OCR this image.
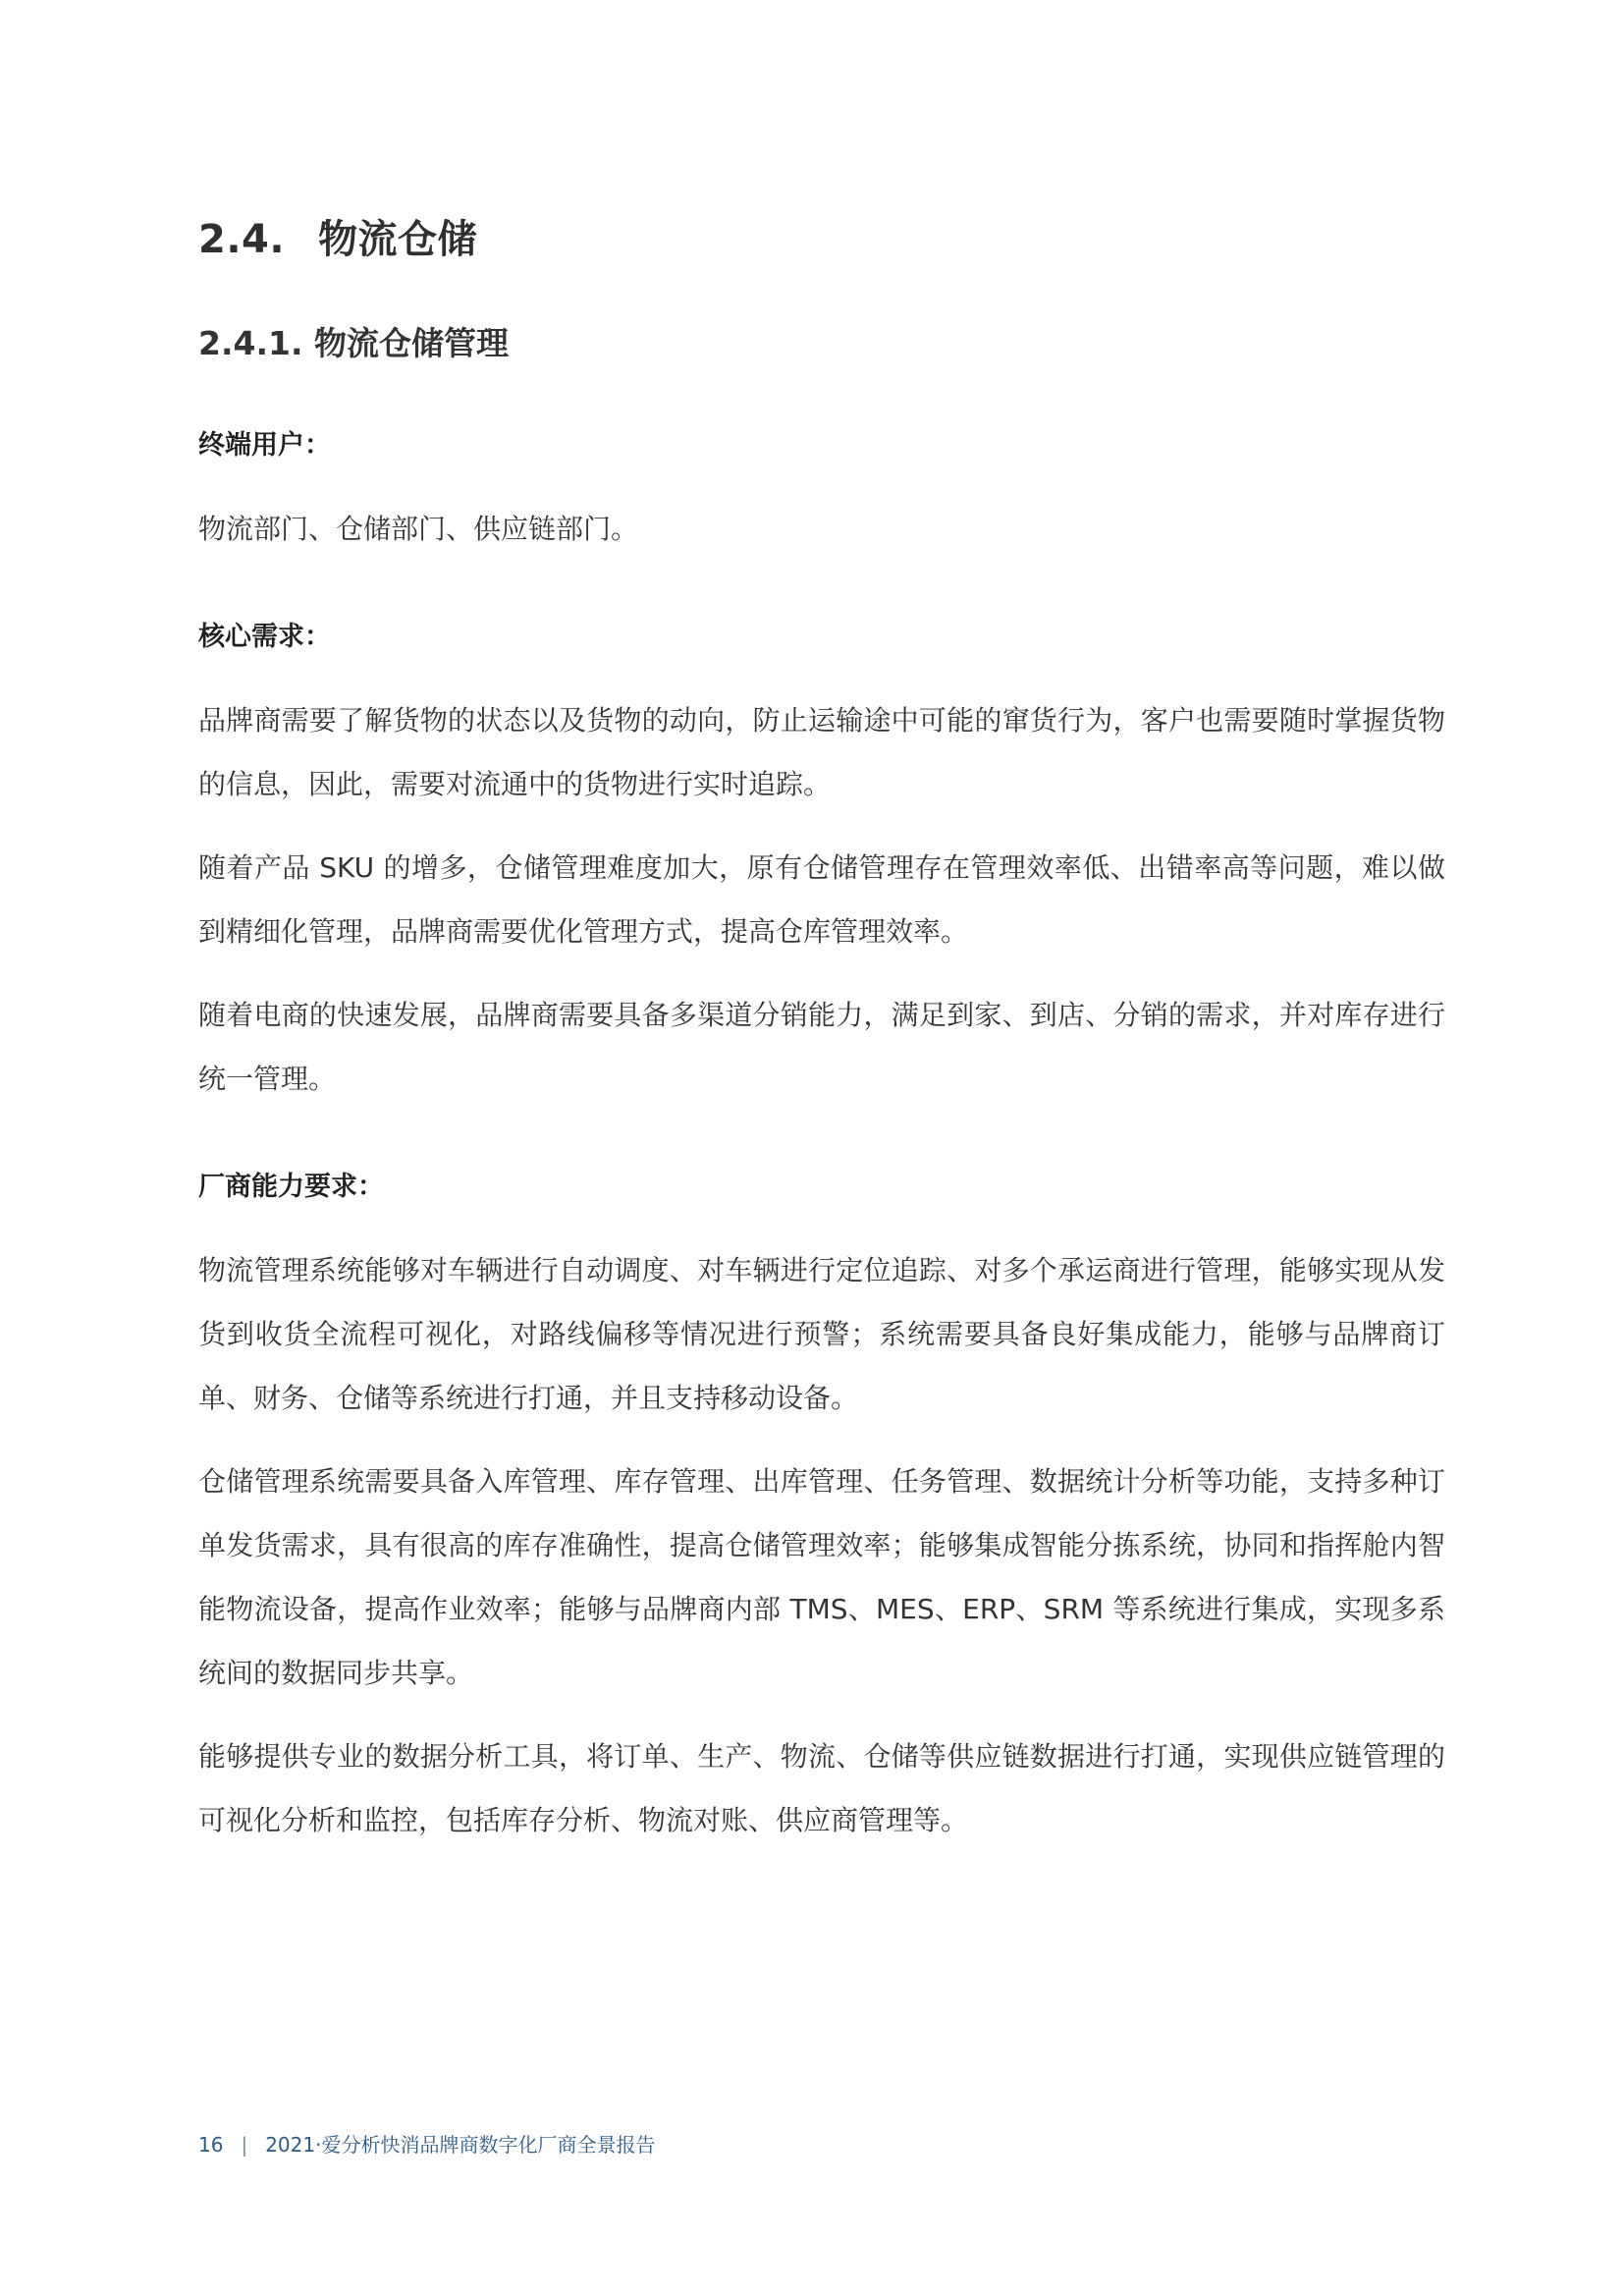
2.4. 物流仓储
2.4.1. 物流仓储管理
终端用户：

物流部门、仓储部门、供应链部门。

核心需求：

品牌商需要了解货物的状态以及货物的动向，防止运输途中可能的窜货行为，客户也需要随时掌握货物的信息，因此，需要对流通中的货物进行实时追踪。

随着产品 SKU 的增多，仓储管理难度加大，原有仓储管理存在管理效率低、出错率高等问题，难以做到精细化管理，品牌商需要优化管理方式，提高仓库管理效率。

随着电商的快速发展，品牌商需要具备多渠道分销能力，满足到家、到店、分销的需求，并对库存进行统一管理。

厂商能力要求：

物流管理系统能够对车辆进行自动调度、对车辆进行定位追踪、对多个承运商进行管理，能够实现从发货到收货全流程可视化，对路线偏移等情况进行预警；系统需要具备良好集成能力，能够与品牌商订单、财务、仓储等系统进行打通，并且支持移动设备。

仓储管理系统需要具备入库管理、库存管理、出库管理、任务管理、数据统计分析等功能，支持多种订单发货需求，具有很高的库存准确性，提高仓储管理效率；能够集成智能分拣系统，协同和指挥舱内智能物流设备，提高作业效率；能够与品牌商内部 TMS、MES、ERP、SRM 等系统进行集成，实现多系统间的数据同步共享。

能够提供专业的数据分析工具，将订单、生产、物流、仓储等供应链数据进行打通，实现供应链管理的可视化分析和监控，包括库存分析、物流对账、供应商管理等。

16 | 2021·爱分析快消品牌商数字化厂商全景报告
